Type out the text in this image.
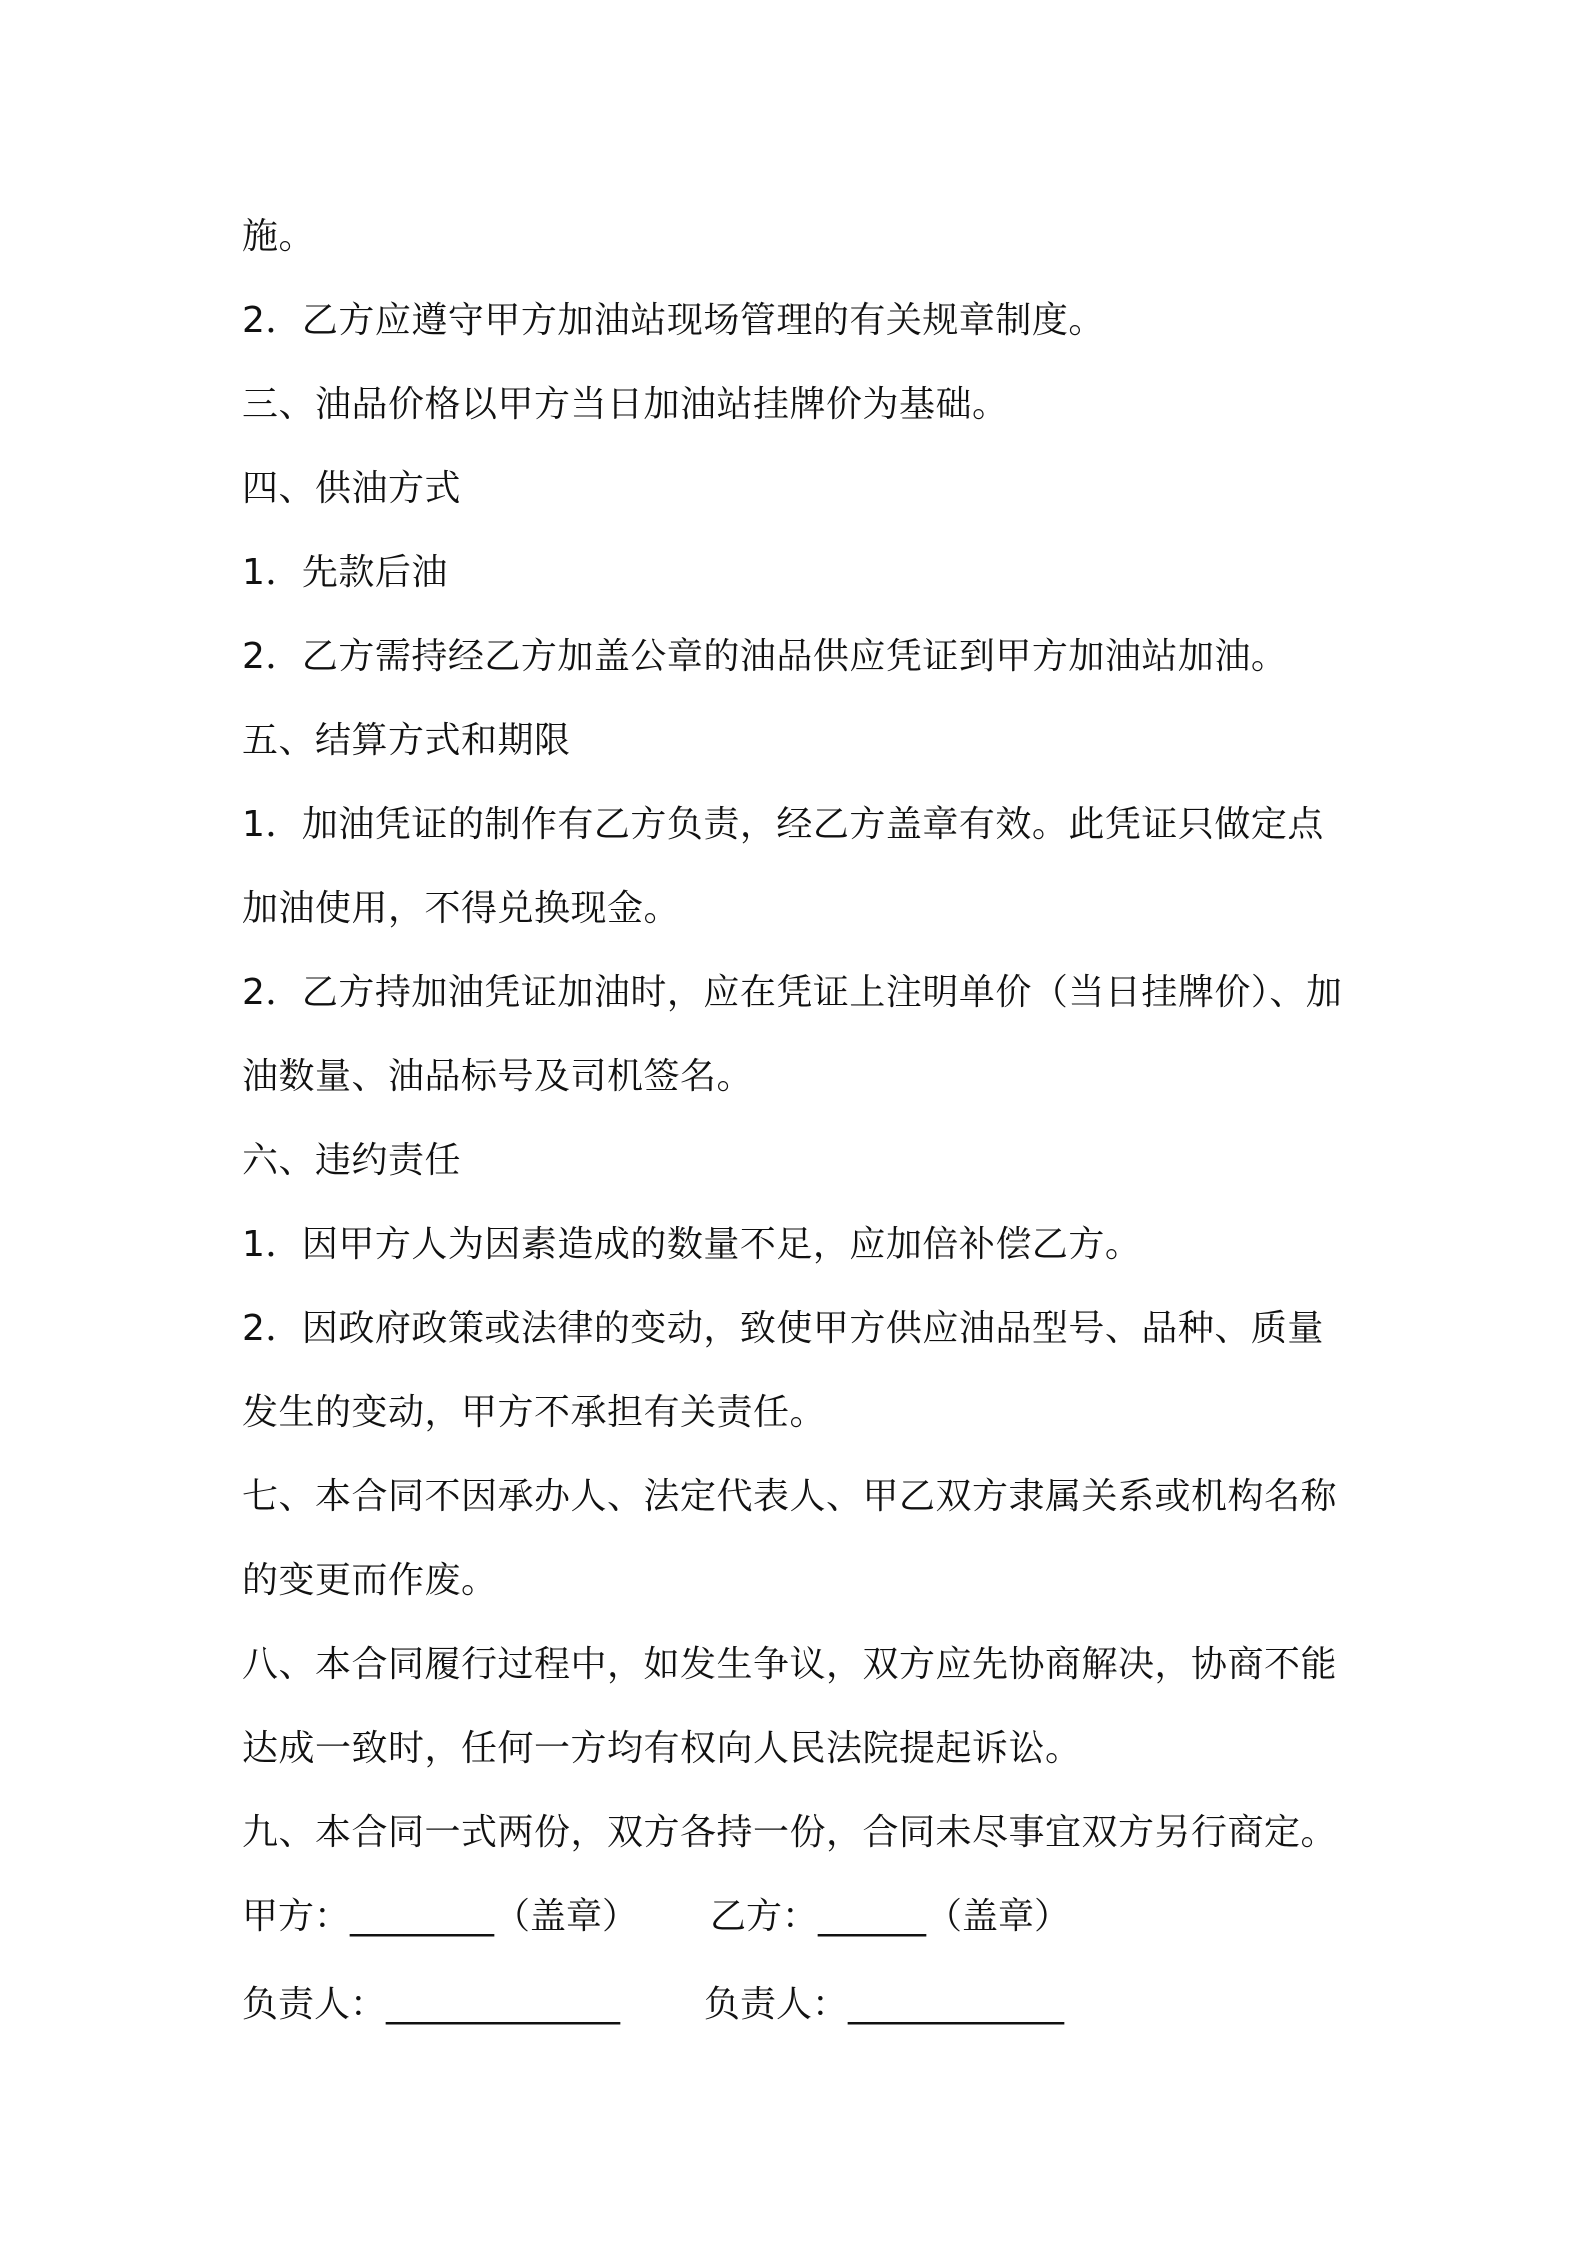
施。
2．乙方应遵守甲方加油站现场管理的有关规章制度。
三、油品价格以甲方当日加油站挂牌价为基础。
四、供油方式
1．先款后油
2．乙方需持经乙方加盖公章的油品供应凭证到甲方加油站加油。
五、结算方式和期限
1．加油凭证的制作有乙方负责，经乙方盖章有效。此凭证只做定点
加油使用，不得兑换现金。
2．乙方持加油凭证加油时，应在凭证上注明单价（当日挂牌价）、加
油数量、油品标号及司机签名。
六、违约责任
1．因甲方人为因素造成的数量不足，应加倍补偿乙方。
2．因政府政策或法律的变动，致使甲方供应油品型号、品种、质量
发生的变动，甲方不承担有关责任。
七、本合同不因承办人、法定代表人、甲乙双方隶属关系或机构名称
的变更而作废。
八、本合同履行过程中，如发生争议，双方应先协商解决，协商不能
达成一致时，任何一方均有权向人民法院提起诉讼。
九、本合同一式两份，双方各持一份，合同未尽事宜双方另行商定。
甲方：________（盖章） 乙方：______（盖章）
负责人：_____________ 负责人：____________
